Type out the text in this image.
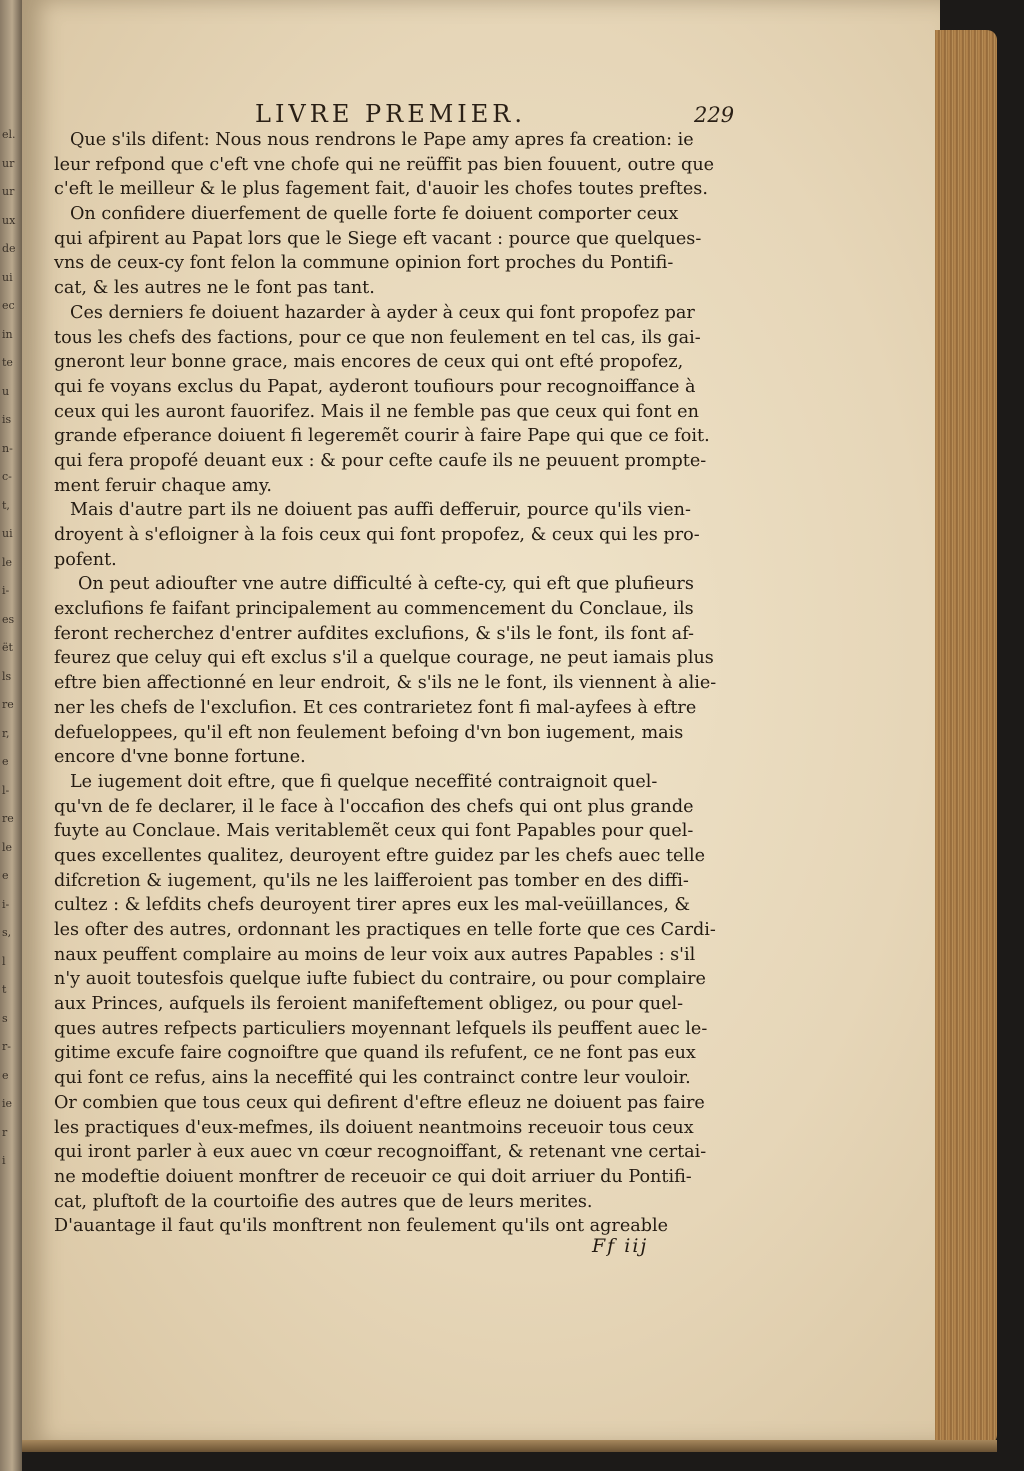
el.
ur
ur
ux
de
ui
ec
in
te
u
is
n-
c-
t,
ui
le
i-
es
ët
ls
re
r,
e
l-
re
le
e
i-
s,
l
t
s
r-
e
ie
r
i
LIVRE PREMIER.	229
Que s'ils difent: Nous nous rendrons le Pape amy apres fa creation: ie
leur refpond que c'eft vne chofe qui ne reüffit pas bien fouuent, outre que
c'eft le meilleur & le plus fagement fait, d'auoir les chofes toutes preftes.
On confidere diuerfement de quelle forte fe doiuent comporter ceux
qui afpirent au Papat lors que le Siege eft vacant : pource que quelques-
vns de ceux-cy font felon la commune opinion fort proches du Pontifi-
cat, & les autres ne le font pas tant.
Ces derniers fe doiuent hazarder à ayder à ceux qui font propofez par
tous les chefs des factions, pour ce que non feulement en tel cas, ils gai-
gneront leur bonne grace, mais encores de ceux qui ont efté propofez,
qui fe voyans exclus du Papat, ayderont toufiours pour recognoiffance à
ceux qui les auront fauorifez. Mais il ne femble pas que ceux qui font en
grande efperance doiuent fi legeremẽt courir à faire Pape qui que ce foit.
qui fera propofé deuant eux : & pour cefte caufe ils ne peuuent prompte-
ment feruir chaque amy.
Mais d'autre part ils ne doiuent pas auffi defferuir, pource qu'ils vien-
droyent à s'efloigner à la fois ceux qui font propofez, & ceux qui les pro-
pofent.
On peut adioufter vne autre difficulté à cefte-cy, qui eft que plufieurs
exclufions fe faifant principalement au commencement du Conclaue, ils
feront recherchez d'entrer aufdites exclufions, & s'ils le font, ils font af-
feurez que celuy qui eft exclus s'il a quelque courage, ne peut iamais plus
eftre bien affectionné en leur endroit, & s'ils ne le font, ils viennent à alie-
ner les chefs de l'exclufion. Et ces contrarietez font fi mal-ayfees à eftre
defueloppees, qu'il eft non feulement befoing d'vn bon iugement, mais
encore d'vne bonne fortune.
Le iugement doit eftre, que fi quelque neceffité contraignoit quel-
qu'vn de fe declarer, il le face à l'occafion des chefs qui ont plus grande
fuyte au Conclaue. Mais veritablemẽt ceux qui font Papables pour quel-
ques excellentes qualitez, deuroyent eftre guidez par les chefs auec telle
difcretion & iugement, qu'ils ne les laifferoient pas tomber en des diffi-
cultez : & lefdits chefs deuroyent tirer apres eux les mal-veüillances, &
les ofter des autres, ordonnant les practiques en telle forte que ces Cardi-
naux peuffent complaire au moins de leur voix aux autres Papables : s'il
n'y auoit toutesfois quelque iufte fubiect du contraire, ou pour complaire
aux Princes, aufquels ils feroient manifeftement obligez, ou pour quel-
ques autres refpects particuliers moyennant lefquels ils peuffent auec le-
gitime excufe faire cognoiftre que quand ils refufent, ce ne font pas eux
qui font ce refus, ains la neceffité qui les contrainct contre leur vouloir.
Or combien que tous ceux qui defirent d'eftre efleuz ne doiuent pas faire
les practiques d'eux-mefmes, ils doiuent neantmoins receuoir tous ceux
qui iront parler à eux auec vn cœur recognoiffant, & retenant vne certai-
ne modeftie doiuent monftrer de receuoir ce qui doit arriuer du Pontifi-
cat, pluftoft de la courtoifie des autres que de leurs merites.
D'auantage il faut qu'ils monftrent non feulement qu'ils ont agreable
Ff iij
